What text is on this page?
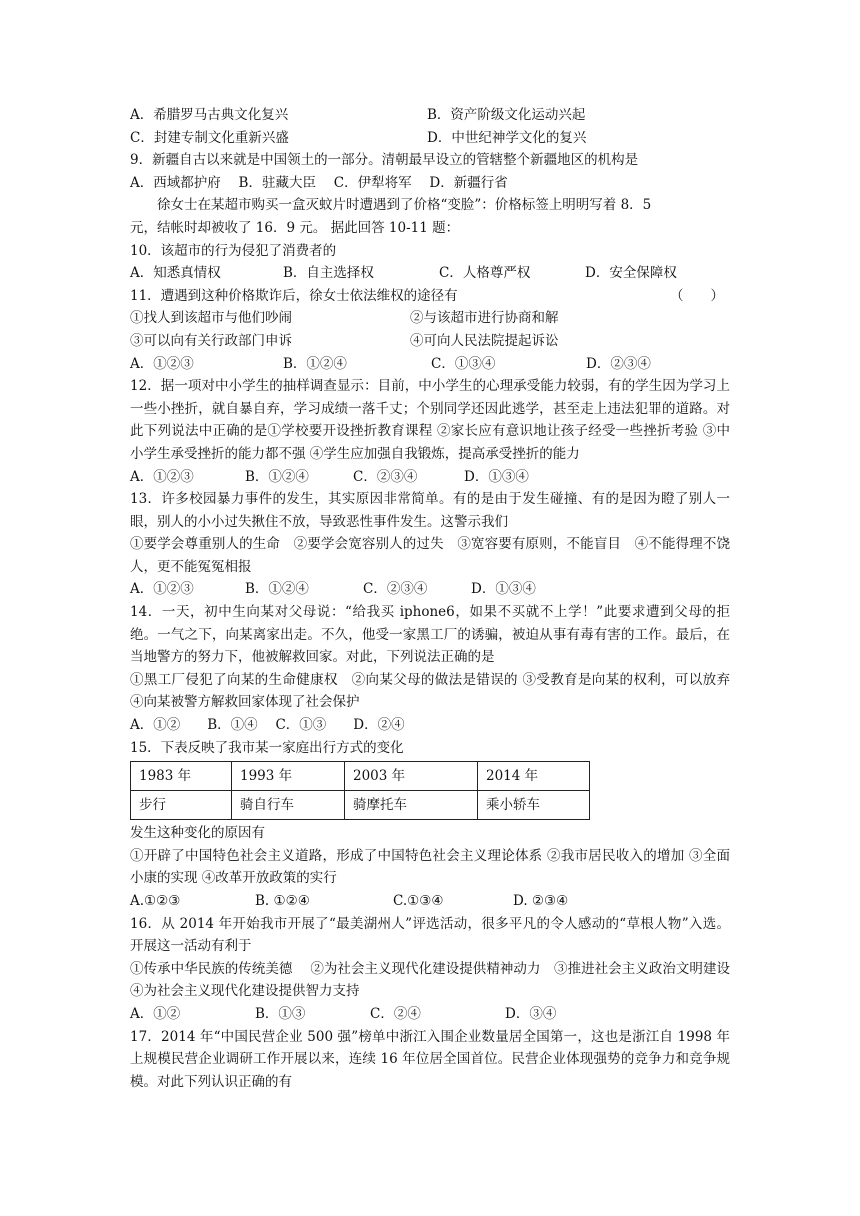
A．希腊罗马古典文化复兴	B．资产阶级文化运动兴起
C．封建专制文化重新兴盛	D．中世纪神学文化的复兴
9．新疆自古以来就是中国领土的一部分。清朝最早设立的管辖整个新疆地区的机构是
A．西域都护府　 B．驻藏大臣　 C．伊犁将军　 D．新疆行省
徐女士在某超市购买一盒灭蚊片时遭遇到了价格“变脸”：价格标签上明明写着 8．5
元，结帐时却被收了 16．9 元。 据此回答 10-11 题：
10．该超市的行为侵犯了消费者的
A．知悉真情权	B．自主选择权	C．人格尊严权	D．安全保障权
11．遭遇到这种价格欺诈后，徐女士依法维权的途径有	（　　）
①找人到该超市与他们吵闹	②与该超市进行协商和解
③可以向有关行政部门申诉	④可向人民法院提起诉讼
A．①②③	B．①②④	C．①③④	D．②③④
12．据一项对中小学生的抽样调查显示：目前，中小学生的心理承受能力较弱，有的学生因为学习上一些小挫折，就自暴自弃，学习成绩一落千丈；个别同学还因此逃学，甚至走上违法犯罪的道路。对此下列说法中正确的是①学校要开设挫折教育课程 ②家长应有意识地让孩子经受一些挫折考验 ③中小学生承受挫折的能力都不强 ④学生应加强自我锻炼，提高承受挫折的能力
A．①②③	B．①②④	C．②③④	D．①③④
13．许多校园暴力事件的发生，其实原因非常简单。有的是由于发生碰撞、有的是因为瞪了别人一眼，别人的小小过失揪住不放，导致恶性事件发生。这警示我们
①要学会尊重别人的生命　②要学会宽容别人的过失　③宽容要有原则，不能盲目　④不能得理不饶人，更不能冤冤相报
A．①②③	B．①②④	C．②③④	D．①③④
14．一天，初中生向某对父母说：“给我买 iphone6，如果不买就不上学！”此要求遭到父母的拒绝。一气之下，向某离家出走。不久，他受一家黑工厂的诱骗，被迫从事有毒有害的工作。最后，在当地警方的努力下，他被解救回家。对此，下列说法正确的是
①黑工厂侵犯了向某的生命健康权　②向某父母的做法是错误的 ③受教育是向某的权利，可以放弃　④向某被警方解救回家体现了社会保护
A．①②　　B．①④　 C．①③　　D．②④
15．下表反映了我市某一家庭出行方式的变化
1983 年	1993 年	2003 年	2014 年
步行	骑自行车	骑摩托车	乘小轿车
发生这种变化的原因有
①开辟了中国特色社会主义道路，形成了中国特色社会主义理论体系 ②我市居民收入的增加 ③全面小康的实现 ④改革开放政策的实行
A.①②③	B. ①②④	C.①③④	D. ②③④
16．从 2014 年开始我市开展了“最美湖州人”评选活动，很多平凡的令人感动的“草根人物”入选。开展这一活动有利于
①传承中华民族的传统美德　 ②为社会主义现代化建设提供精神动力　③推进社会主义政治文明建设　 ④为社会主义现代化建设提供智力支持
A．①②	B．①③	C．②④	D．③④
17．2014 年“中国民营企业 500 强”榜单中浙江入围企业数量居全国第一，这也是浙江自 1998 年上规模民营企业调研工作开展以来，连续 16 年位居全国首位。民营企业体现强势的竞争力和竞争规模。对此下列认识正确的有
